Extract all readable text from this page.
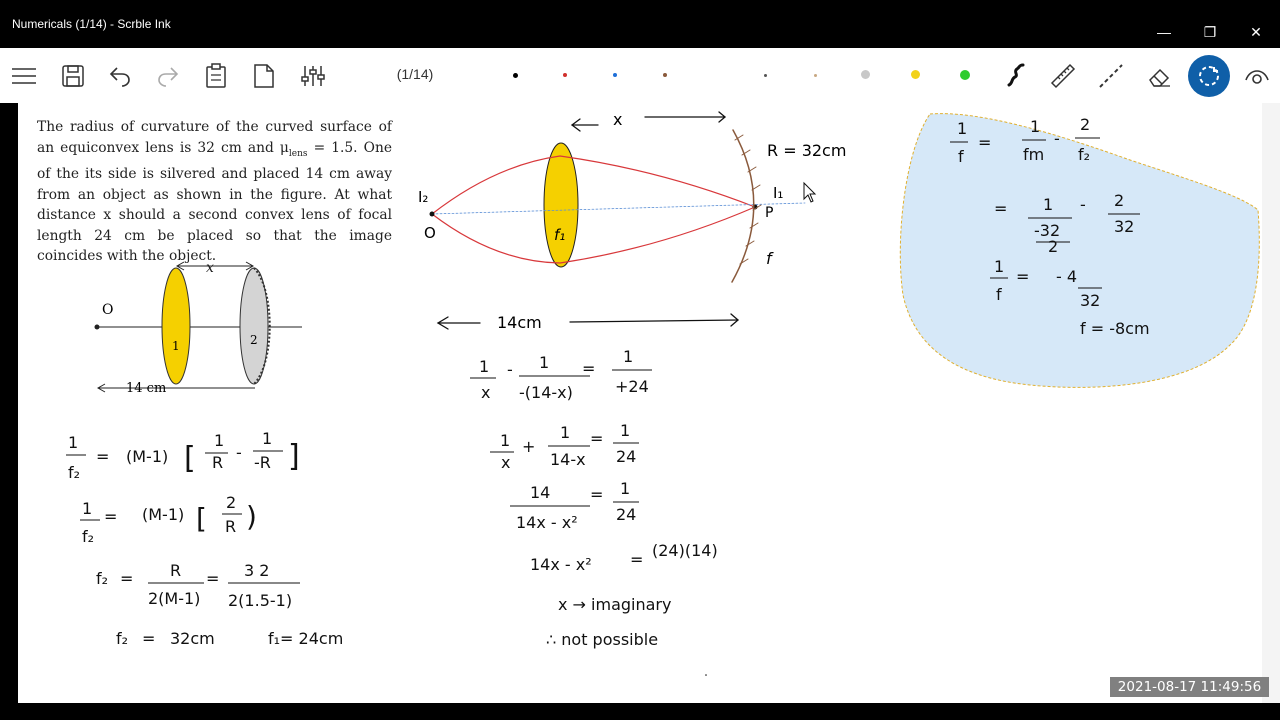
Numericals (1/14) - Scrble Ink	—	❐	✕
(1/14)
The radius of curvature of the curved surface of an equiconvex lens is 32 cm and $\mu_{lens} = 1.5$. One of the its side is silvered and placed 14 cm away from an object as shown in the figure. At what distance x should a second convex lens of focal length 24 cm be placed so that the image coincides with the object.
O
1	2
x
14 cm
f₁
I₂
O
I₁
P
f
R = 32cm
x
14cm
1
f₂
= (M-1) [
1
R
-
1
-R ]
1
f₂
= (M-1) [ 2
R )
f₂ = R
2(M-1)
= 3 2
2(1.5-1)
f₂ = 32cm	f₁= 24cm
1
x
- 1
-(14-x)
=
1
+24
1
x
+
1
14-x
= 1
24
14
14x - x²
= 1
24
14x - x² = (24)(14)
x → imaginary
∴ not possible
1
f
=
1
fm
-
2
f₂
= 1
-32
2
- 2
32
1
f
= - 4
32
f = -8cm
2021-08-17 11:49:56
